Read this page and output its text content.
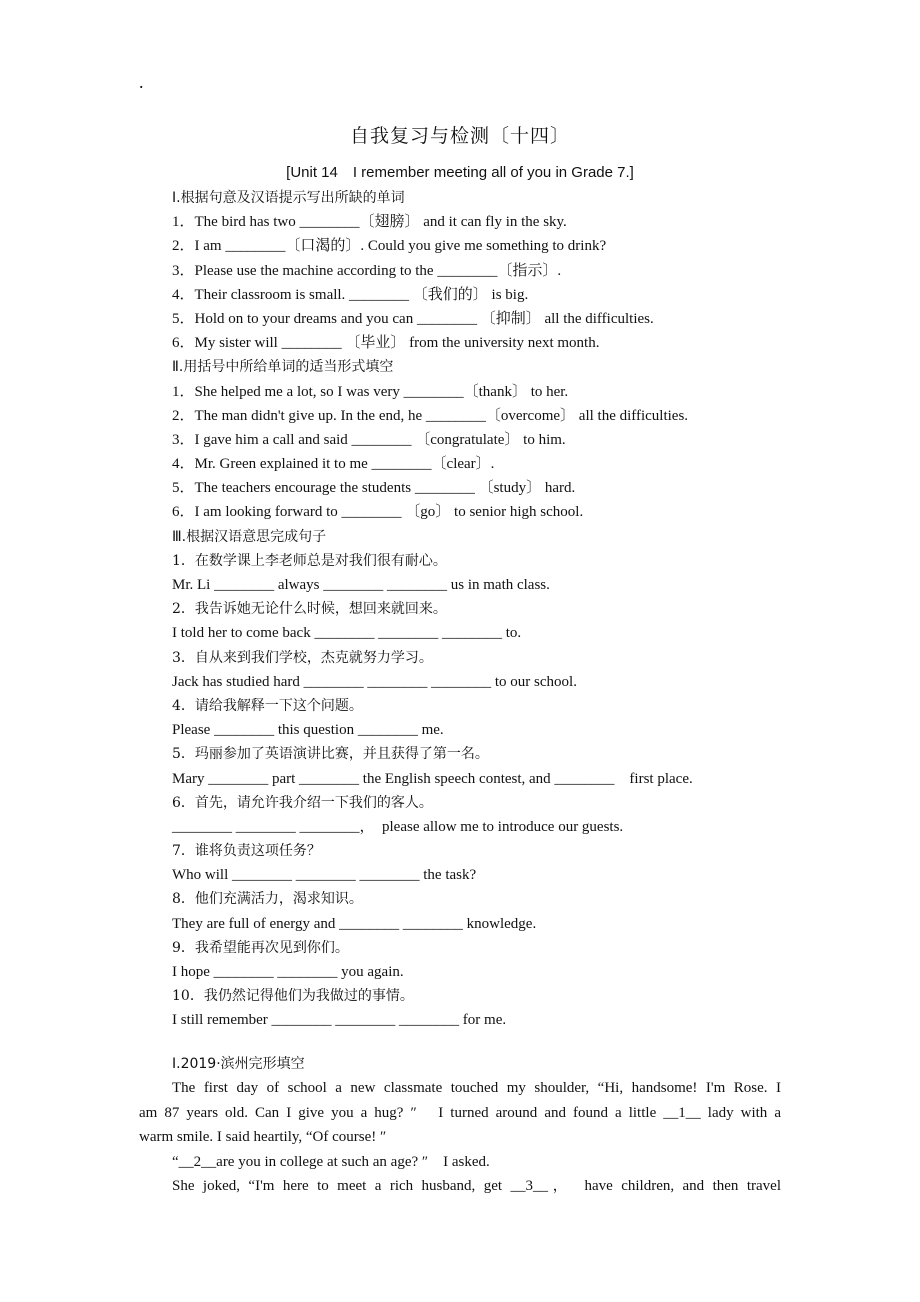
.
自我复习与检测〔十四〕
[Unit 14　I remember meeting all of you in Grade 7.]
Ⅰ.根据句意及汉语提示写出所缺的单词
1．The bird has two ________〔翅膀〕 and it can fly in the sky.
2．I am ________〔口渴的〕. Could you give me something to drink?
3．Please use the machine according to the ________〔指示〕.
4．Their classroom is small. ________ 〔我们的〕 is big.
5．Hold on to your dreams and you can ________ 〔抑制〕 all the difficulties.
6．My sister will ________ 〔毕业〕 from the university next month.
Ⅱ.用括号中所给单词的适当形式填空
1．She helped me a lot, so I was very ________〔thank〕 to her.
2．The man didn't give up. In the end, he ________〔overcome〕 all the difficulties.
3．I gave him a call and said ________ 〔congratulate〕 to him.
4．Mr. Green explained it to me ________〔clear〕.
5．The teachers encourage the students ________ 〔study〕 hard.
6．I am looking forward to ________ 〔go〕 to senior high school.
Ⅲ.根据汉语意思完成句子
1．在数学课上李老师总是对我们很有耐心。
Mr. Li ________ always ________ ________ us in math class.
2．我告诉她无论什么时候，想回来就回来。
I told her to come back ________ ________ ________ to.
3．自从来到我们学校，杰克就努力学习。
Jack has studied hard ________ ________ ________ to our school.
4．请给我解释一下这个问题。
Please ________ this question ________ me.
5．玛丽参加了英语演讲比赛，并且获得了第一名。
Mary ________ part ________ the English speech contest, and ________　first place.
6．首先，请允许我介绍一下我们的客人。
________ ________ ________，　please allow me to introduce our guests.
7．谁将负责这项任务？
Who will ________ ________ ________ the task?
8．他们充满活力，渴求知识。
They are full of energy and ________ ________ knowledge.
9．我希望能再次见到你们。
I hope ________ ________ you again.
10．我仍然记得他们为我做过的事情。
I still remember ________ ________ ________ for me.
Ⅰ.2019·滨州完形填空
The first day of school a new classmate touched my shoulder, “Hi, handsome! I'm Rose. I
am 87 years old. Can I give you a hug? ″　I turned around and found a little __1__ lady with a
warm smile. I said heartily, “Of course! ″
“__2__are you in college at such an age? ″　I asked.
She joked, “I'm here to meet a rich husband, get __3__，　have children, and then travel
